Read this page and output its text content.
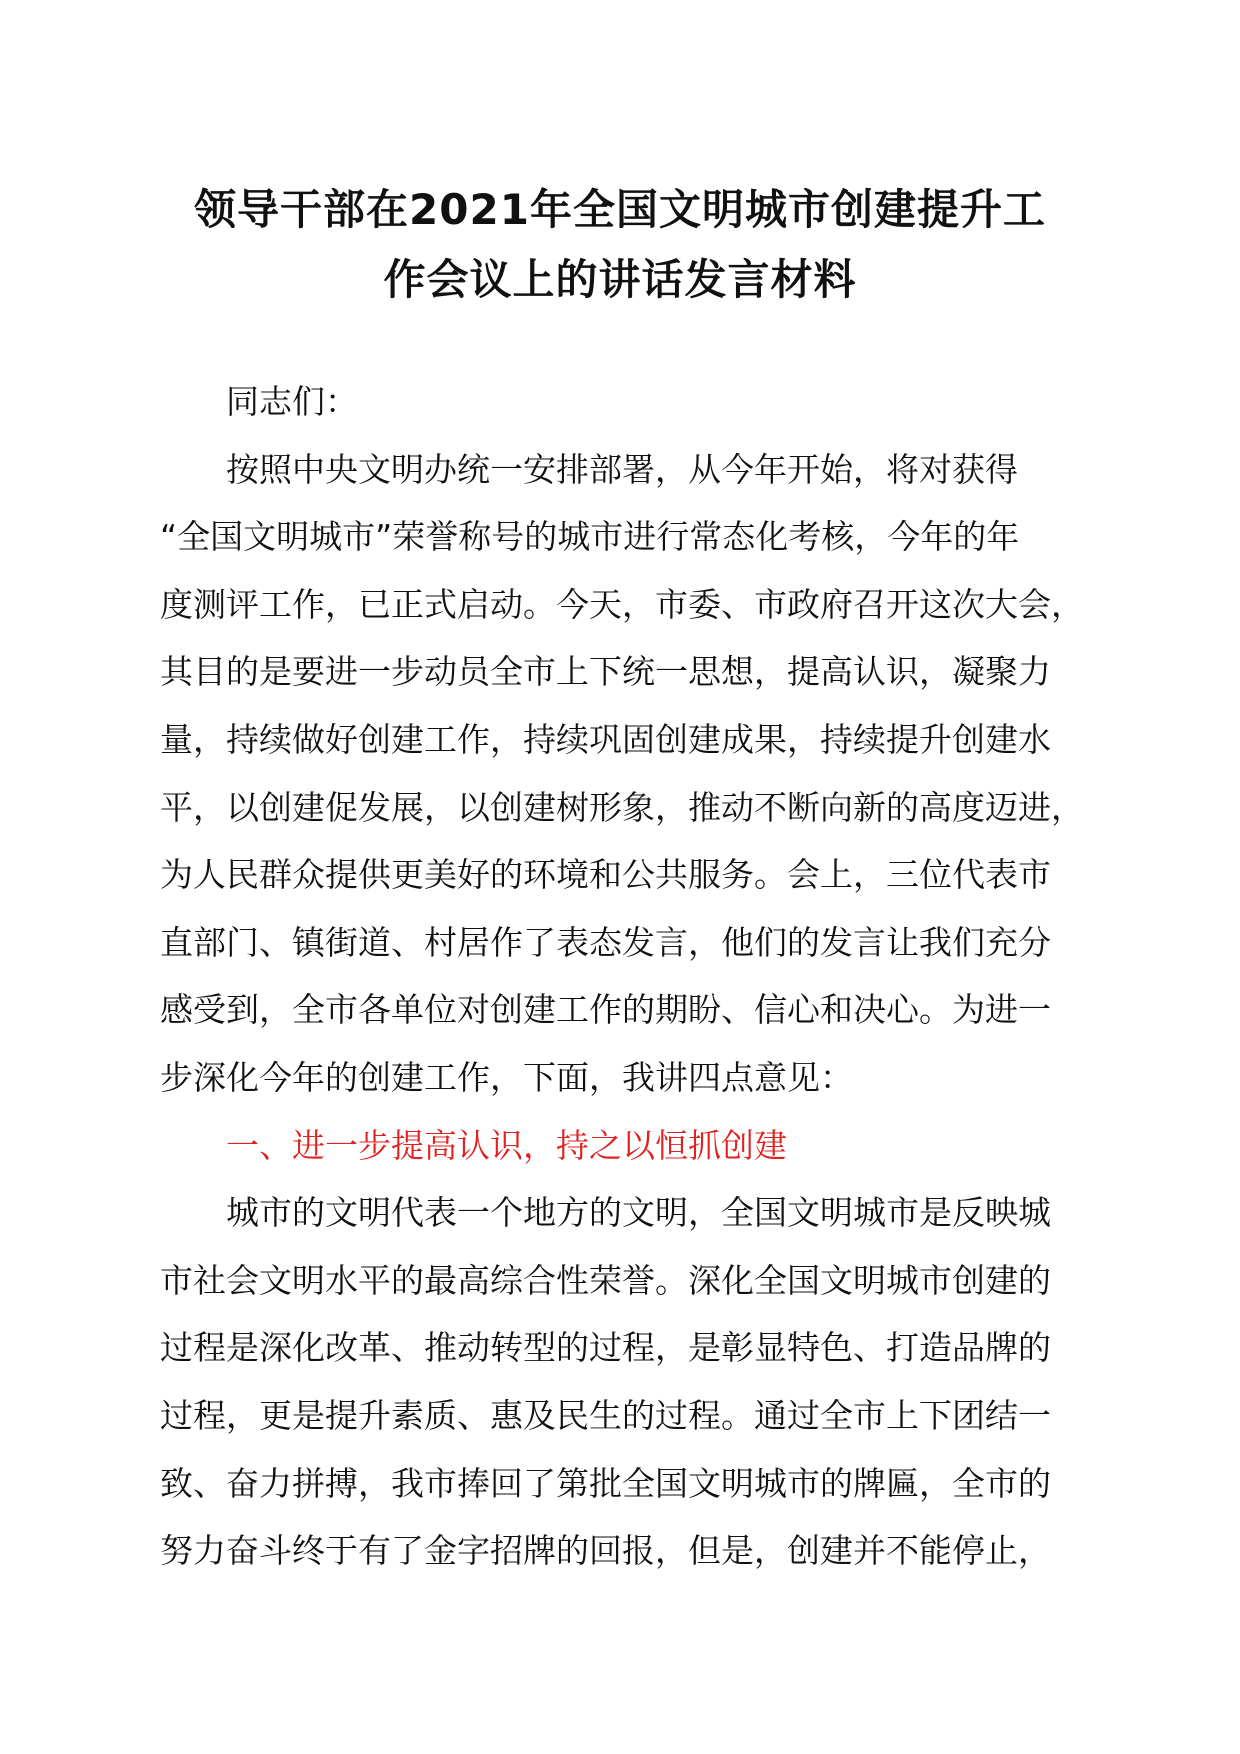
领导干部在2021年全国文明城市创建提升工
作会议上的讲话发言材料
同志们：
按照中央文明办统一安排部署，从今年开始，将对获得
“全国文明城市”荣誉称号的城市进行常态化考核，今年的年
度测评工作，已正式启动。今天，市委、市政府召开这次大会，
其目的是要进一步动员全市上下统一思想，提高认识，凝聚力
量，持续做好创建工作，持续巩固创建成果，持续提升创建水
平，以创建促发展，以创建树形象，推动不断向新的高度迈进，
为人民群众提供更美好的环境和公共服务。会上，三位代表市
直部门、镇街道、村居作了表态发言，他们的发言让我们充分
感受到，全市各单位对创建工作的期盼、信心和决心。为进一
步深化今年的创建工作，下面，我讲四点意见：
一、进一步提高认识，持之以恒抓创建
城市的文明代表一个地方的文明，全国文明城市是反映城
市社会文明水平的最高综合性荣誉。深化全国文明城市创建的
过程是深化改革、推动转型的过程，是彰显特色、打造品牌的
过程，更是提升素质、惠及民生的过程。通过全市上下团结一
致、奋力拼搏，我市捧回了第批全国文明城市的牌匾，全市的
努力奋斗终于有了金字招牌的回报，但是，创建并不能停止，
